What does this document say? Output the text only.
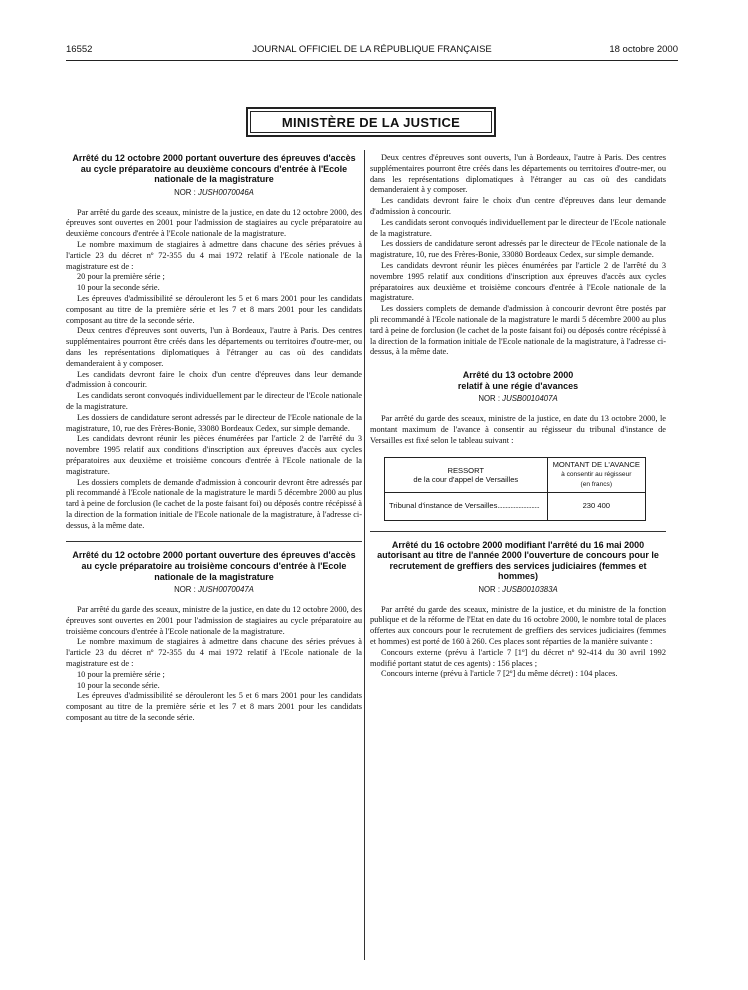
16552	JOURNAL OFFICIEL DE LA RÉPUBLIQUE FRANÇAISE	18 octobre 2000
MINISTÈRE DE LA JUSTICE
Arrêté du 12 octobre 2000 portant ouverture des épreuves d'accès au cycle préparatoire au deuxième concours d'entrée à l'Ecole nationale de la magistrature
NOR : JUSH0070046A

Par arrêté du garde des sceaux, ministre de la justice, en date du 12 octobre 2000, des épreuves sont ouvertes en 2001 pour l'admission de stagiaires au cycle préparatoire au deuxième concours d'entrée à l'Ecole nationale de la magistrature.

Le nombre maximum de stagiaires à admettre dans chacune des séries prévues à l'article 23 du décret nº 72-355 du 4 mai 1972 relatif à l'Ecole nationale de la magistrature est de :

20 pour la première série ;

10 pour la seconde série.

Les épreuves d'admissibilité se dérouleront les 5 et 6 mars 2001 pour les candidats composant au titre de la première série et les 7 et 8 mars 2001 pour les candidats composant au titre de la seconde série.

Deux centres d'épreuves sont ouverts, l'un à Bordeaux, l'autre à Paris. Des centres supplémentaires pourront être créés dans les départements ou territoires d'outre-mer, ou dans les représentations diplomatiques à l'étranger au cas où des candidats demanderaient à y composer.

Les candidats devront faire le choix d'un centre d'épreuves dans leur demande d'admission à concourir.

Les candidats seront convoqués individuellement par le directeur de l'Ecole nationale de la magistrature.

Les dossiers de candidature seront adressés par le directeur de l'Ecole nationale de la magistrature, 10, rue des Frères-Bonie, 33080 Bordeaux Cedex, sur simple demande.

Les candidats devront réunir les pièces énumérées par l'article 2 de l'arrêté du 3 novembre 1995 relatif aux conditions d'inscription aux épreuves d'accès aux cycles préparatoires aux deuxième et troisième concours d'entrée à l'Ecole nationale de la magistrature.

Les dossiers complets de demande d'admission à concourir devront être adressés par pli recommandé à l'Ecole nationale de la magistrature le mardi 5 décembre 2000 au plus tard à peine de forclusion (le cachet de la poste faisant foi) ou déposés contre récépissé à la direction de la formation initiale de l'Ecole nationale de la magistrature, à l'adresse ci-dessus, à la même date.

Arrêté du 12 octobre 2000 portant ouverture des épreuves d'accès au cycle préparatoire au troisième concours d'entrée à l'Ecole nationale de la magistrature
NOR : JUSH0070047A

Par arrêté du garde des sceaux, ministre de la justice, en date du 12 octobre 2000, des épreuves sont ouvertes en 2001 pour l'admission de stagiaires au cycle préparatoire au troisième concours d'entrée à l'Ecole nationale de la magistrature.

Le nombre maximum de stagiaires à admettre dans chacune des séries prévues à l'article 23 du décret nº 72-355 du 4 mai 1972 relatif à l'Ecole nationale de la magistrature est de :

10 pour la première série ;

10 pour la seconde série.

Les épreuves d'admissibilité se dérouleront les 5 et 6 mars 2001 pour les candidats composant au titre de la première série et les 7 et 8 mars 2001 pour les candidats composant au titre de la seconde série.

Deux centres d'épreuves sont ouverts, l'un à Bordeaux, l'autre à Paris. Des centres supplémentaires pourront être créés dans les départements ou territoires d'outre-mer, ou dans les représentations diplomatiques à l'étranger au cas où des candidats demanderaient à y composer.

Les candidats devront faire le choix d'un centre d'épreuves dans leur demande d'admission à concourir.

Les candidats seront convoqués individuellement par le directeur de l'Ecole nationale de la magistrature.

Les dossiers de candidature seront adressés par le directeur de l'Ecole nationale de la magistrature, 10, rue des Frères-Bonie, 33080 Bordeaux Cedex, sur simple demande.

Les candidats devront réunir les pièces énumérées par l'article 2 de l'arrêté du 3 novembre 1995 relatif aux conditions d'inscription aux épreuves d'accès aux cycles préparatoires aux deuxième et troisième concours d'entrée à l'Ecole nationale de la magistrature.

Les dossiers complets de demande d'admission à concourir devront être postés par pli recommandé à l'Ecole nationale de la magistrature le mardi 5 décembre 2000 au plus tard à peine de forclusion (le cachet de la poste faisant foi) ou déposés contre récépissé à la direction de la formation initiale de l'Ecole nationale de la magistrature, à l'adresse ci-dessus, à la même date.

Arrêté du 13 octobre 2000
relatif à une régie d'avances
NOR : JUSB0010407A

Par arrêté du garde des sceaux, ministre de la justice, en date du 13 octobre 2000, le montant maximum de l'avance à consentir au régisseur du tribunal d'instance de Versailles est fixé selon le tableau suivant :

RESSORT
de la cour d'appel de Versailles	MONTANT DE L'AVANCE
à consentir au régisseur
(en francs)
Tribunal d'instance de Versailles..........................	230 400
Arrêté du 16 octobre 2000 modifiant l'arrêté du 16 mai 2000 autorisant au titre de l'année 2000 l'ouverture de concours pour le recrutement de greffiers des services judiciaires (femmes et hommes)
NOR : JUSB0010383A

Par arrêté du garde des sceaux, ministre de la justice, et du ministre de la fonction publique et de la réforme de l'Etat en date du 16 octobre 2000, le nombre total de places offertes aux concours pour le recrutement de greffiers des services judiciaires (femmes et hommes) est porté de 160 à 260. Ces places sont réparties de la manière suivante :

Concours externe (prévu à l'article 7 [1º] du décret nº 92-414 du 30 avril 1992 modifié portant statut de ces agents) : 156 places ;

Concours interne (prévu à l'article 7 [2º] du même décret) : 104 places.
